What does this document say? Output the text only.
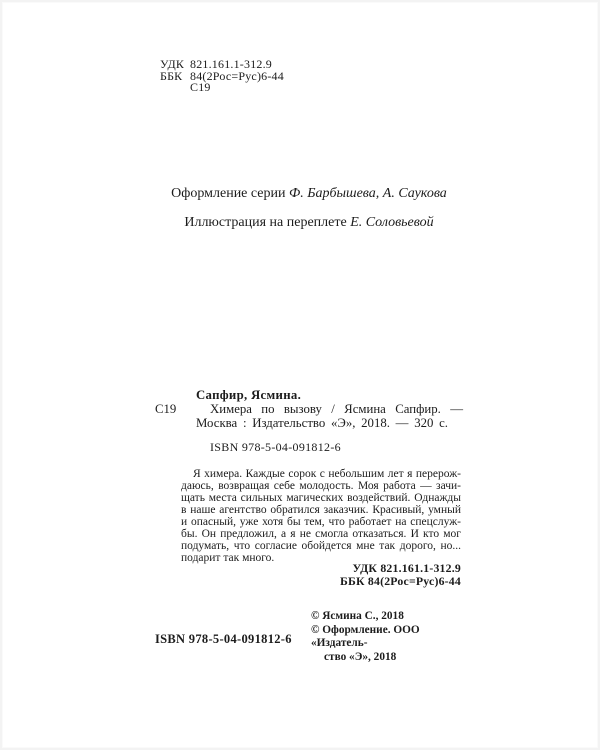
УДК 821.161.1-312.9
ББК 84(2Рос=Рус)6-44
С19
Оформление серии Ф. Барбышева, А. Саукова
Иллюстрация на переплете Е. Соловьевой
Сапфир, Ясмина.
С19	Химера по вызову / Ясмина Сапфир. —
Москва : Издательство «Э», 2018. — 320 с.
ISBN 978-5-04-091812-6
Я химера. Каждые сорок с небольшим лет я перерож-
даюсь, возвращая себе молодость. Моя работа — зачи-
щать места сильных магических воздействий. Однажды
в наше агентство обратился заказчик. Красивый, умный
и опасный, уже хотя бы тем, что работает на спецслуж-
бы. Он предложил, а я не смогла отказаться. И кто мог
подумать, что согласие обойдется мне так дорого, но...
подарит так много.
УДК 821.161.1-312.9
ББК 84(2Рос=Рус)6-44
© Ясмина С., 2018
© Оформление. ООО «Издатель-
ство «Э», 2018
ISBN 978-5-04-091812-6
